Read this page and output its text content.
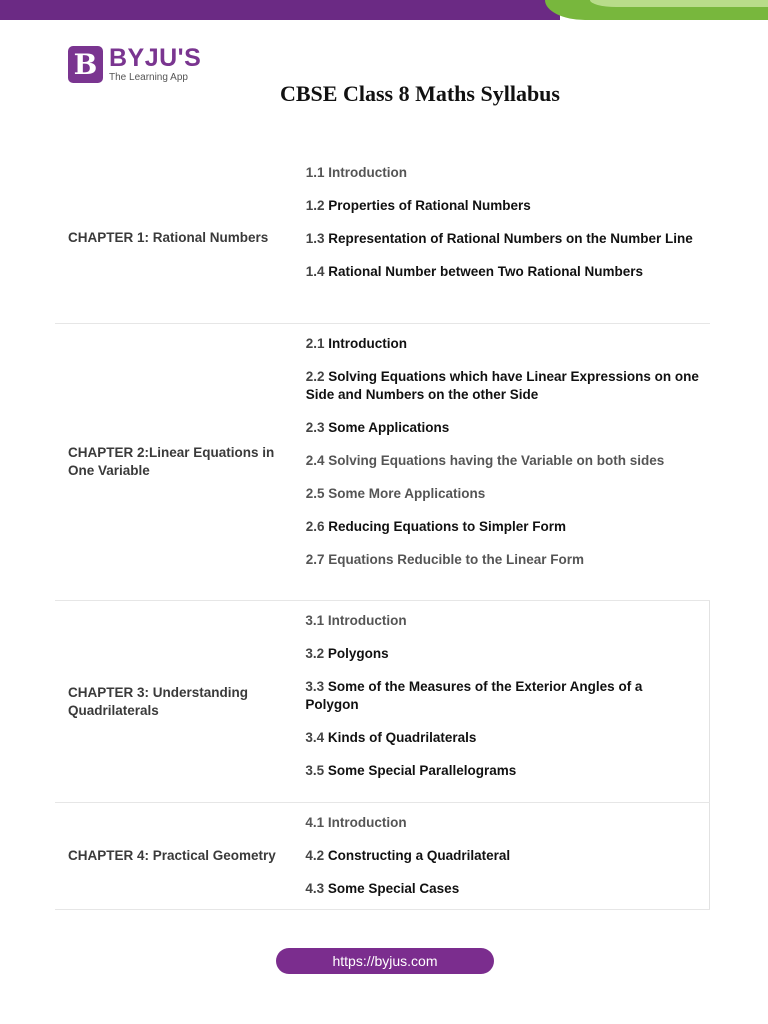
B BYJU'S
The Learning App
CBSE Class 8 Maths Syllabus
CHAPTER 1: Rational Numbers
1.1 Introduction
1.2 Properties of Rational Numbers
1.3 Representation of Rational Numbers on the Number Line
1.4 Rational Number between Two Rational Numbers
CHAPTER 2:Linear Equations in One Variable
2.1 Introduction
2.2 Solving Equations which have Linear Expressions on one Side and Numbers on the other Side
2.3 Some Applications
2.4 Solving Equations having the Variable on both sides
2.5 Some More Applications
2.6 Reducing Equations to Simpler Form
2.7 Equations Reducible to the Linear Form
CHAPTER 3: Understanding Quadrilaterals
3.1 Introduction
3.2 Polygons
3.3 Some of the Measures of the Exterior Angles of a Polygon
3.4 Kinds of Quadrilaterals
3.5 Some Special Parallelograms
CHAPTER 4: Practical Geometry
4.1 Introduction
4.2 Constructing a Quadrilateral
4.3 Some Special Cases
https://byjus.com
